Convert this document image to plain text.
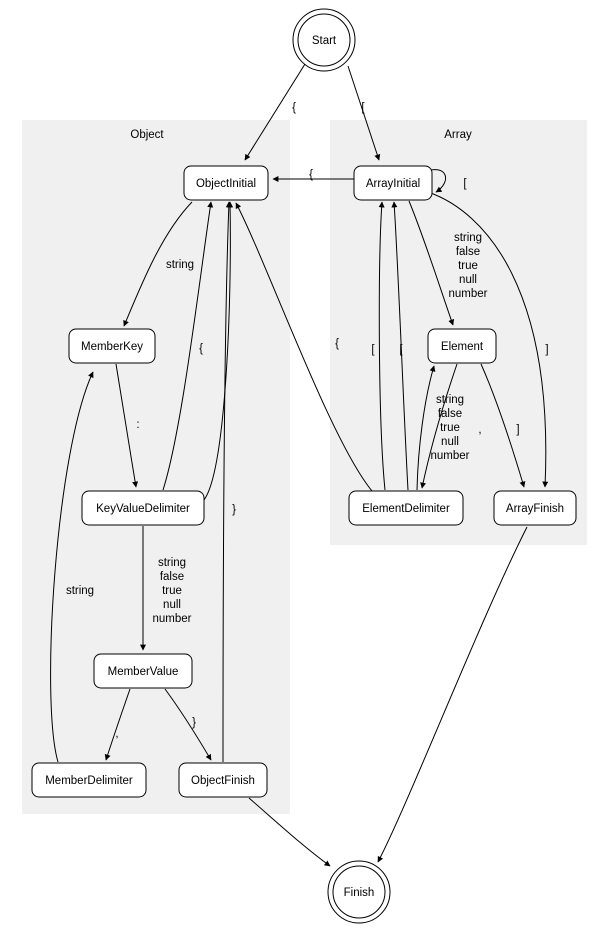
Object	Array
Start
ObjectInitial	ArrayInitial
MemberKey	Element
KeyValueDelimiter	ElementDelimiter	ArrayFinish
MemberValue
MemberDelimiter	ObjectFinish
Finish
{	[
{
[
string
string
false
true
null
number
{	{	[ [	]
:
string
false
true
null
number
,	]
}
string
false
true
null
number
string
,
}
